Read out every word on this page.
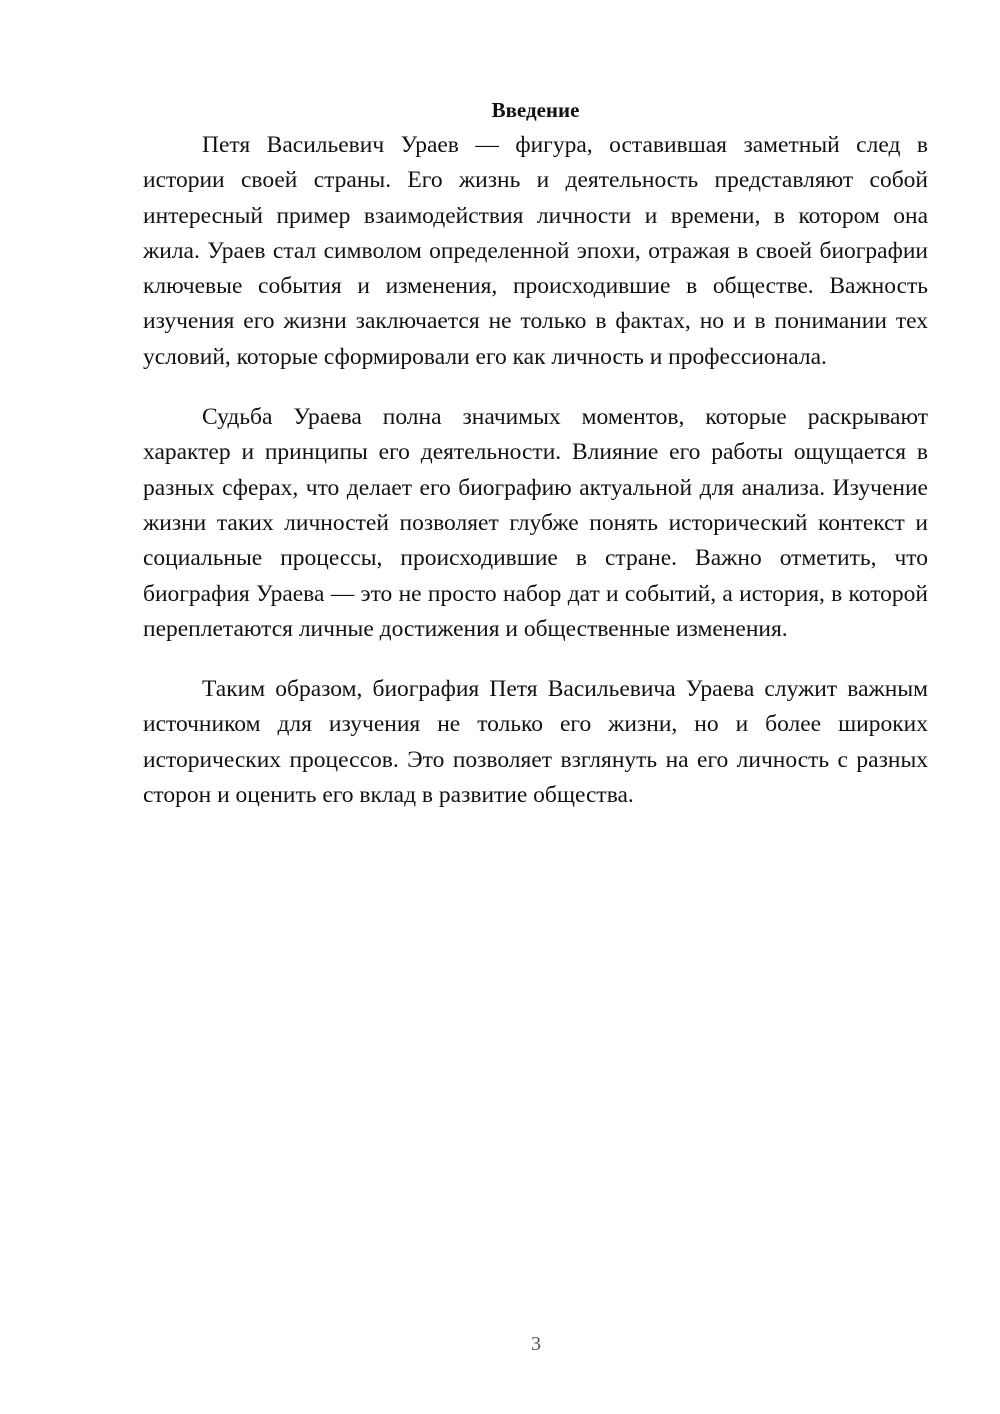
Введение

Петя Васильевич Ураев — фигура, оставившая заметный след в истории своей страны. Его жизнь и деятельность представляют собой интересный пример взаимодействия личности и времени, в котором она жила. Ураев стал символом определенной эпохи, отражая в своей биографии ключевые события и изменения, происходившие в обществе. Важность изучения его жизни заключается не только в фактах, но и в понимании тех условий, которые сформировали его как личность и профессионала.

Судьба Ураева полна значимых моментов, которые раскрывают характер и принципы его деятельности. Влияние его работы ощущается в разных сферах, что делает его биографию актуальной для анализа. Изучение жизни таких личностей позволяет глубже понять исторический контекст и социальные процессы, происходившие в стране. Важно отметить, что биография Ураева — это не просто набор дат и событий, а история, в которой переплетаются личные достижения и общественные изменения.

Таким образом, биография Петя Васильевича Ураева служит важным источником для изучения не только его жизни, но и более широких исторических процессов. Это позволяет взглянуть на его личность с разных сторон и оценить его вклад в развитие общества.

3
